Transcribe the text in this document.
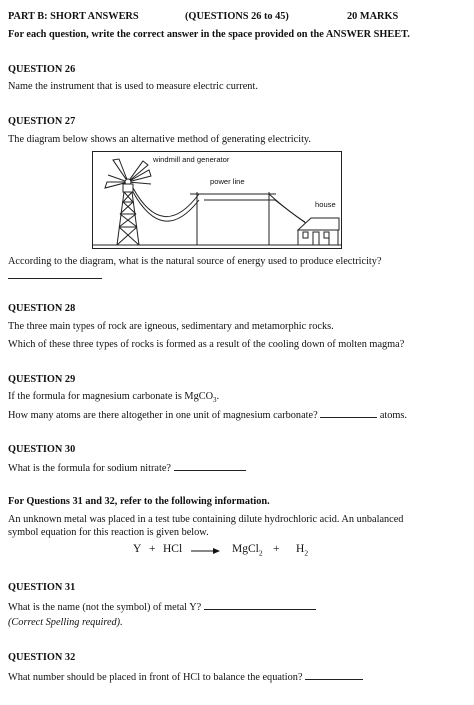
PART B: SHORT ANSWERS	(QUESTIONS 26 to 45)	20 MARKS
For each question, write the correct answer in the space provided on the ANSWER SHEET.
QUESTION 26
Name the instrument that is used to measure electric current.
QUESTION 27
The diagram below shows an alternative method of generating electricity.
windmill and generator
power line
house
According to the diagram, what is the natural source of energy used to produce electricity?
QUESTION 28
The three main types of rock are igneous, sedimentary and metamorphic rocks.
Which of these three types of rocks is formed as a result of the cooling down of molten magma?
QUESTION 29
If the formula for magnesium carbonate is MgCO$_3$.
How many atoms are there altogether in one unit of magnesium carbonate?	atoms.
QUESTION 30
What is the formula for sodium nitrate?
For Questions 31 and 32, refer to the following information.
An unknown metal was placed in a test tube containing dilute hydrochloric acid. An unbalanced
symbol equation for this reaction is given below.
Y + HCl → MgCl$_2$ + $H_2$
QUESTION 31
What is the name (not the symbol) of metal Y?
(Correct Spelling required).
QUESTION 32
What number should be placed in front of HCl to balance the equation?
